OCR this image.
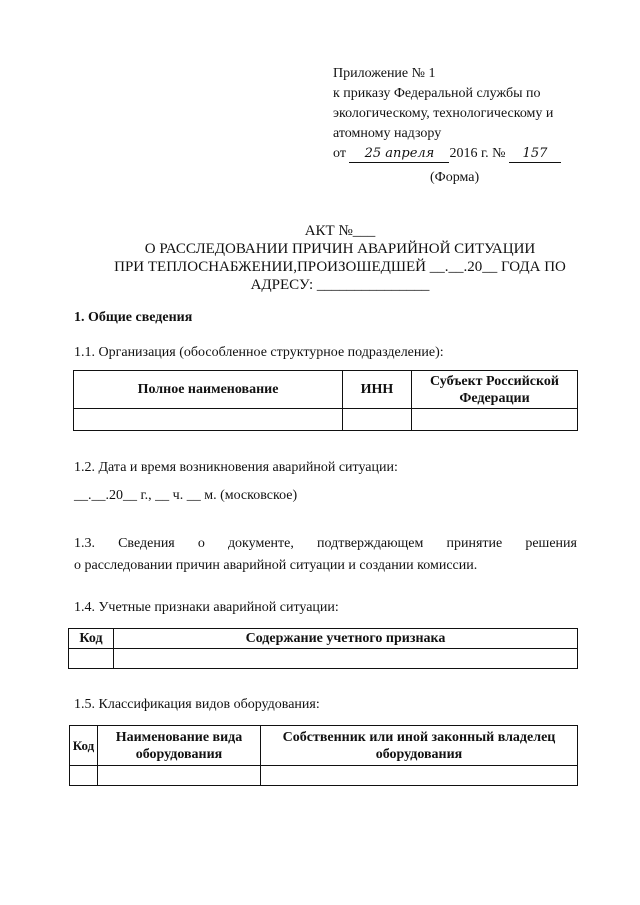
Приложение № 1
к приказу Федеральной службы по
экологическому, технологическому и
атомному надзору
от 25 апреля 2016 г. № 157
(Форма)
АКТ №___
О РАССЛЕДОВАНИИ ПРИЧИН АВАРИЙНОЙ СИТУАЦИИ
ПРИ ТЕПЛОСНАБЖЕНИИ,ПРОИЗОШЕДШЕЙ __.__.20__ ГОДА ПО
АДРЕСУ: _______________
1. Общие сведения
1.1. Организация (обособленное структурное подразделение):
Полное наименование	ИНН	Субъект Российской Федерации

1.2. Дата и время возникновения аварийной ситуации:
__.__.20__ г., __ ч. __ м. (московское)
1.3. Сведения о документе, подтверждающем принятие решения
о расследовании причин аварийной ситуации и создании комиссии.
1.4. Учетные признаки аварийной ситуации:
Код	Содержание учетного признака

1.5. Классификация видов оборудования:
Код	Наименование вида оборудования	Собственник или иной законный владелец оборудования
